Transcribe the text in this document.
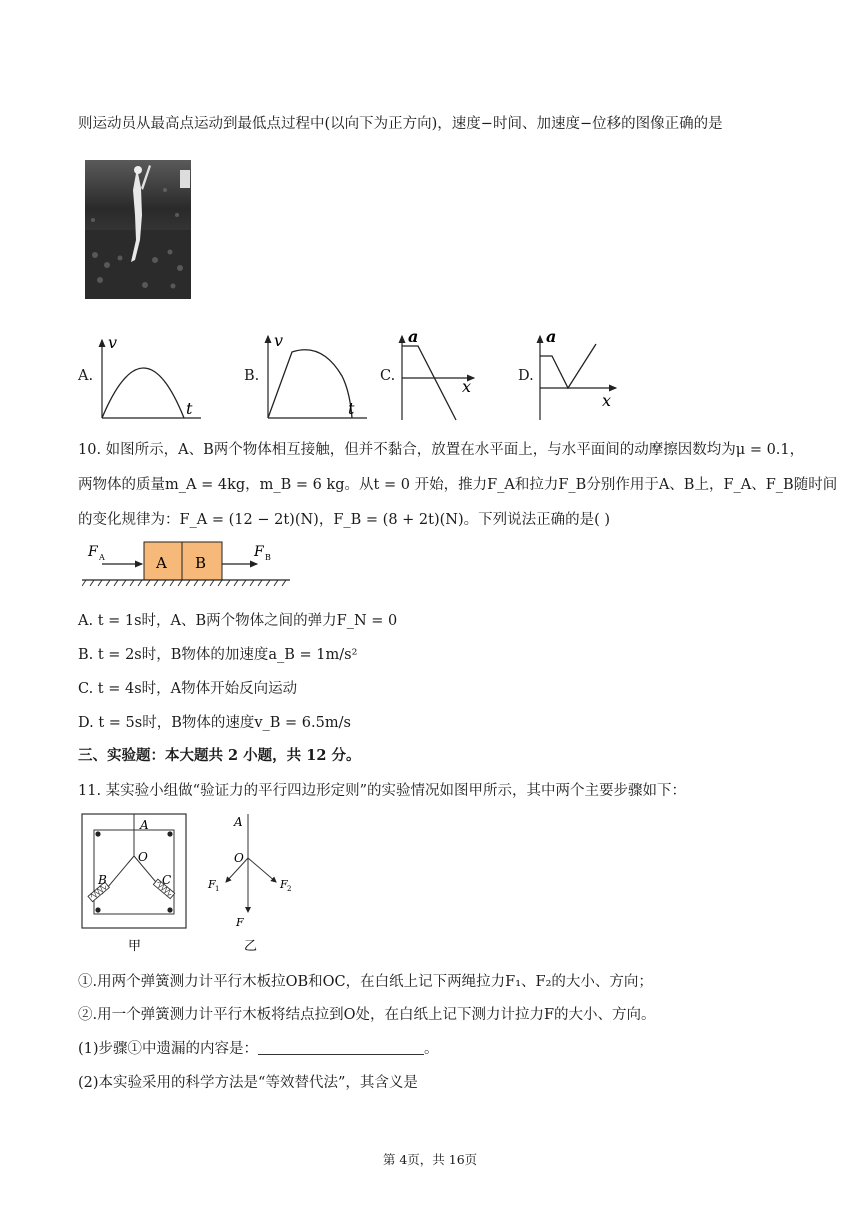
则运动员从最高点运动到最低点过程中(以向下为正方向)，速度−时间、加速度−位移的图像正确的是
A.
v
t
B.
v
t
C.
a
x
D.
a
x
10. 如图所示，A、B两个物体相互接触，但并不黏合，放置在水平面上，与水平面间的动摩擦因数均为μ = 0.1，
两物体的质量m_A = 4kg，m_B = 6 kg。从t = 0 开始，推力F_A和拉力F_B分别作用于A、B上，F_A、F_B随时间
的变化规律为：F_A = (12 − 2t)(N)，F_B = (8 + 2t)(N)。下列说法正确的是( )
F A	A B
F B
A. t = 1s时，A、B两个物体之间的弹力F_N = 0
B. t = 2s时，B物体的加速度a_B = 1m/s²
C. t = 4s时，A物体开始反向运动
D. t = 5s时，B物体的速度v_B = 6.5m/s
三、实验题：本大题共 2 小题，共 12 分。
11. 某实验小组做“验证力的平行四边形定则”的实验情况如图甲所示，其中两个主要步骤如下：
A
O
B	C
甲
A
O
F 1	F 2
F
乙
①.用两个弹簧测力计平行木板拉OB和OC，在白纸上记下两绳拉力F₁、F₂的大小、方向；
②.用一个弹簧测力计平行木板将结点拉到O处，在白纸上记下测力计拉力F的大小、方向。
(1)步骤①中遗漏的内容是：	。
(2)本实验采用的科学方法是“等效替代法”，其含义是
第 4页，共 16页
